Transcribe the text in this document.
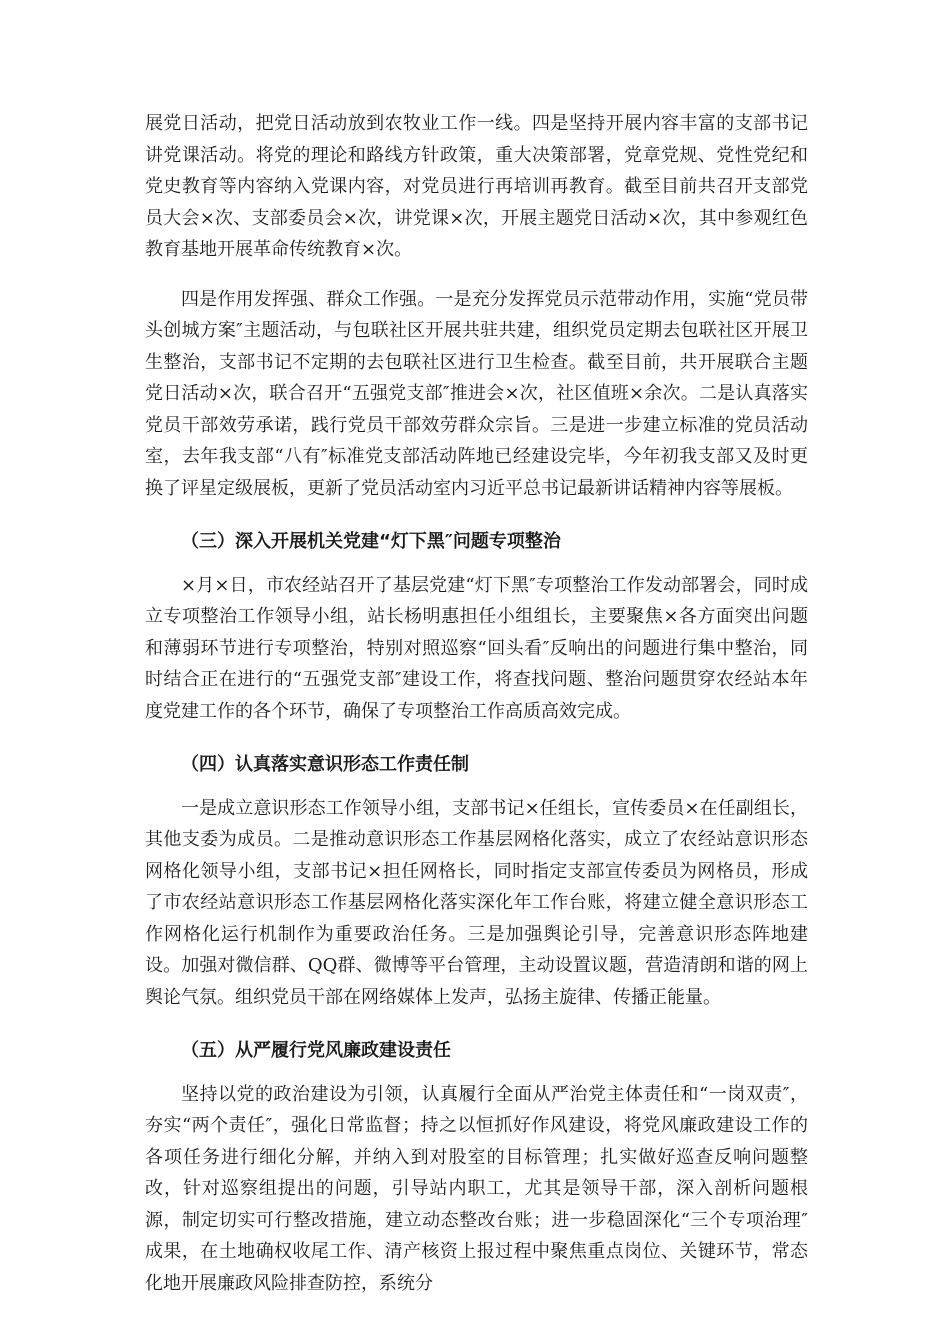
展党日活动，把党日活动放到农牧业工作一线。四是坚持开展内容丰富的支部书记讲党课活动。将党的理论和路线方针政策，重大决策部署，党章党规、党性党纪和党史教育等内容纳入党课内容，对党员进行再培训再教育。截至目前共召开支部党员大会×次、支部委员会×次，讲党课×次，开展主题党日活动×次，其中参观红色教育基地开展革命传统教育×次。

四是作用发挥强、群众工作强。一是充分发挥党员示范带动作用，实施“党员带头创城方案″主题活动，与包联社区开展共驻共建，组织党员定期去包联社区开展卫生整治，支部书记不定期的去包联社区进行卫生检查。截至目前，共开展联合主题党日活动×次，联合召开“五强党支部″推进会×次，社区值班×余次。二是认真落实党员干部效劳承诺，践行党员干部效劳群众宗旨。三是进一步建立标准的党员活动室，去年我支部“八有″标准党支部活动阵地已经建设完毕，今年初我支部又及时更换了评星定级展板，更新了党员活动室内习近平总书记最新讲话精神内容等展板。

（三）深入开展机关党建“灯下黑″问题专项整治

×月×日，市农经站召开了基层党建“灯下黑″专项整治工作发动部署会，同时成立专项整治工作领导小组，站长杨明惠担任小组组长，主要聚焦×各方面突出问题和薄弱环节进行专项整治，特别对照巡察“回头看″反响出的问题进行集中整治，同时结合正在进行的“五强党支部″建设工作，将查找问题、整治问题贯穿农经站本年度党建工作的各个环节，确保了专项整治工作高质高效完成。

（四）认真落实意识形态工作责任制

一是成立意识形态工作领导小组，支部书记×任组长，宣传委员×在任副组长，其他支委为成员。二是推动意识形态工作基层网格化落实，成立了农经站意识形态网格化领导小组，支部书记×担任网格长，同时指定支部宣传委员为网格员，形成了市农经站意识形态工作基层网格化落实深化年工作台账，将建立健全意识形态工作网格化运行机制作为重要政治任务。三是加强舆论引导，完善意识形态阵地建设。加强对微信群、QQ群、微博等平台管理，主动设置议题，营造清朗和谐的网上舆论气氛。组织党员干部在网络媒体上发声，弘扬主旋律、传播正能量。

（五）从严履行党风廉政建设责任

坚持以党的政治建设为引领，认真履行全面从严治党主体责任和“一岗双责″，夯实“两个责任″，强化日常监督；持之以恒抓好作风建设，将党风廉政建设工作的各项任务进行细化分解，并纳入到对股室的目标管理；扎实做好巡查反响问题整改，针对巡察组提出的问题，引导站内职工，尤其是领导干部，深入剖析问题根源，制定切实可行整改措施，建立动态整改台账；进一步稳固深化“三个专项治理″成果，在土地确权收尾工作、清产核资上报过程中聚焦重点岗位、关键环节，常态化地开展廉政风险排查防控，系统分
